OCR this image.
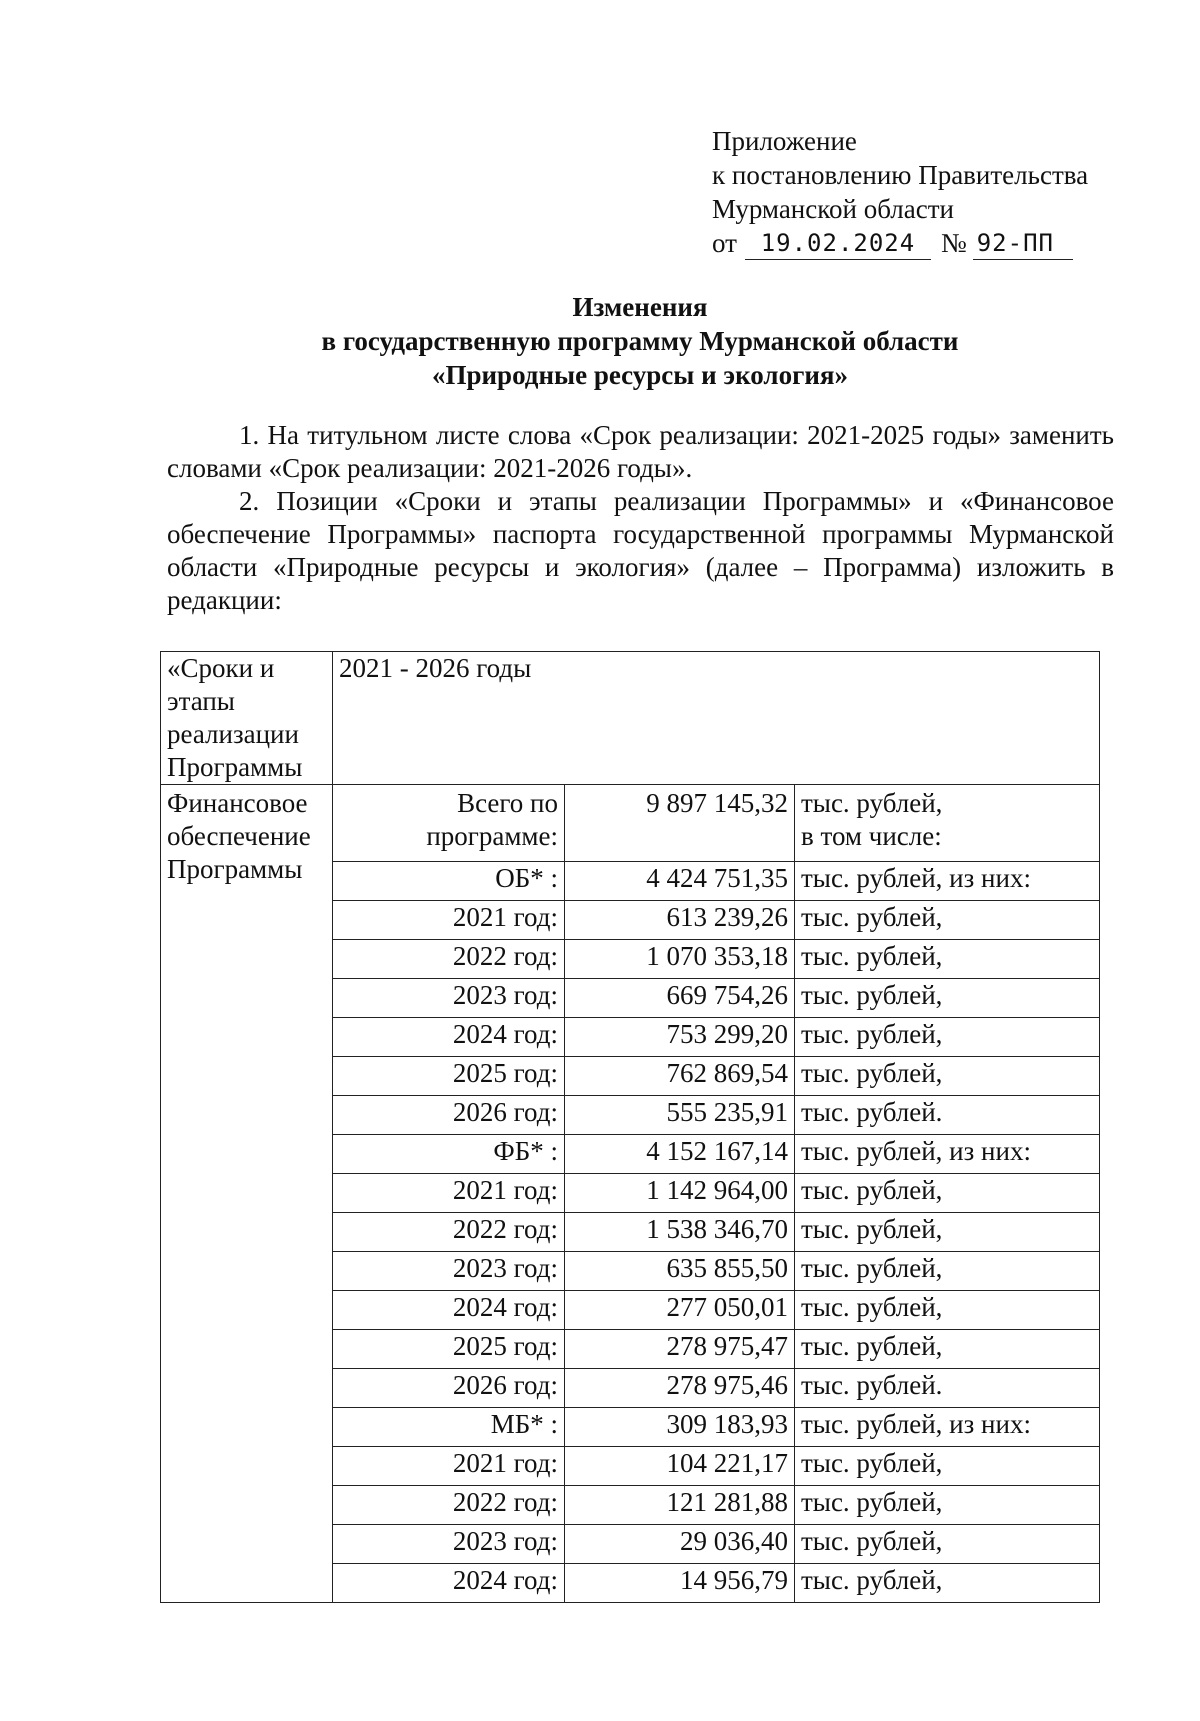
Приложение
к постановлению Правительства
Мурманской области
от 19.02.2024 № 92-ПП
Изменения
в государственную программу Мурманской области
«Природные ресурсы и экология»

1. На титульном листе слова «Срок реализации: 2021-2025 годы» заменить словами «Срок реализации: 2021-2026 годы».

2. Позиции «Сроки и этапы реализации Программы» и «Финансовое обеспечение Программы» паспорта государственной программы Мурманской области «Природные ресурсы и экология» (далее – Программа) изложить в редакции:

«Сроки и
этапы
реализации
Программы	2021 - 2026 годы		

Финансовое
обеспечение
Программы	Всего по
программе:	9 897 145,32	тыс. рублей,
в том числе:

	ОБ* :	4 424 751,35	тыс. рублей, из них:
	2021 год:	613 239,26	тыс. рублей,
	2022 год:	1 070 353,18	тыс. рублей,
	2023 год:	669 754,26	тыс. рублей,
	2024 год:	753 299,20	тыс. рублей,
	2025 год:	762 869,54	тыс. рублей,
	2026 год:	555 235,91	тыс. рублей.
	ФБ* :	4 152 167,14	тыс. рублей, из них:
	2021 год:	1 142 964,00	тыс. рублей,
	2022 год:	1 538 346,70	тыс. рублей,
	2023 год:	635 855,50	тыс. рублей,
	2024 год:	277 050,01	тыс. рублей,
	2025 год:	278 975,47	тыс. рублей,
	2026 год:	278 975,46	тыс. рублей.
	МБ* :	309 183,93	тыс. рублей, из них:
	2021 год:	104 221,17	тыс. рублей,
	2022 год:	121 281,88	тыс. рублей,
	2023 год:	29 036,40	тыс. рублей,
	2024 год:	14 956,79	тыс. рублей,
